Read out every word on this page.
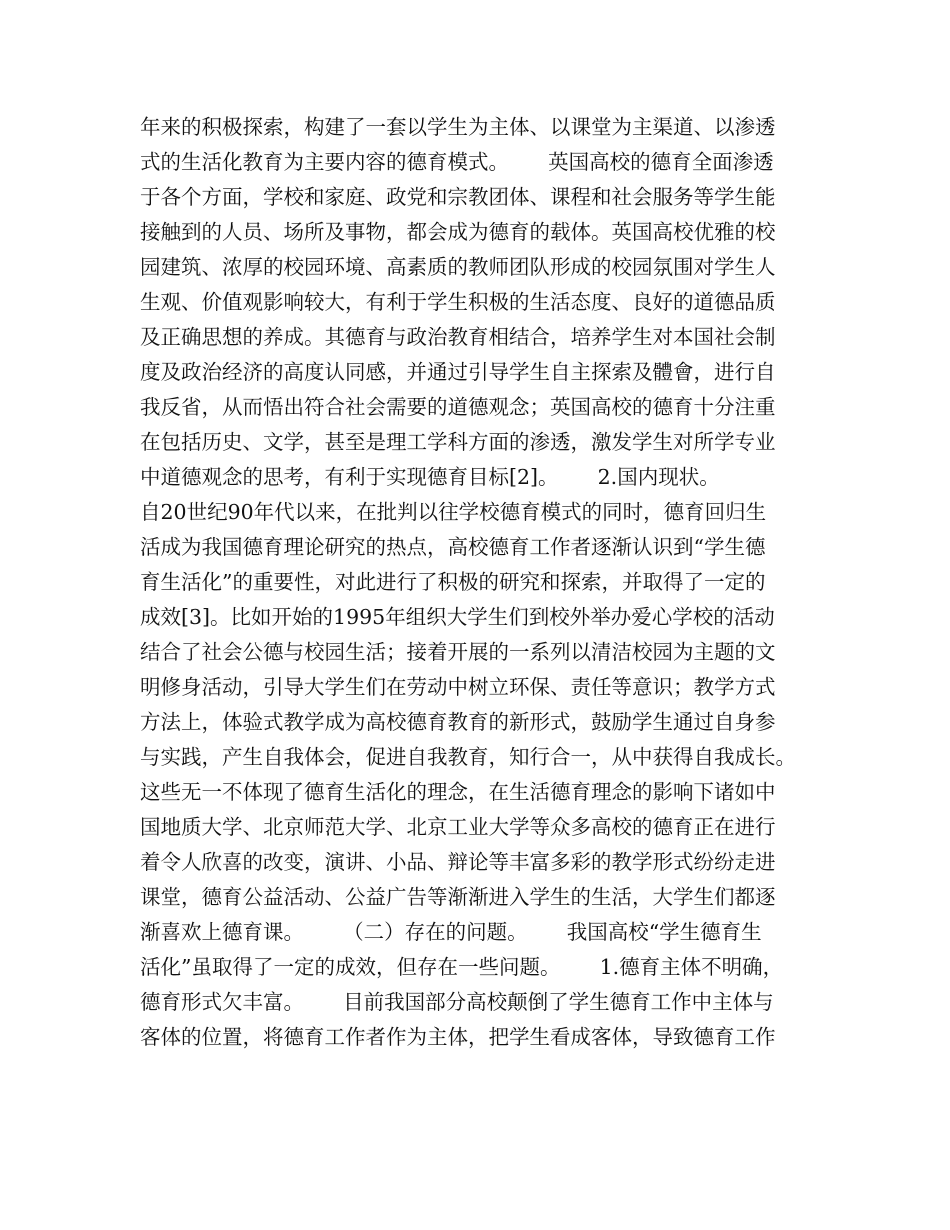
年来的积极探索，构建了一套以学生为主体、以课堂为主渠道、以渗透
式的生活化教育为主要内容的德育模式。      英国高校的德育全面渗透
于各个方面，学校和家庭、政党和宗教团体、课程和社会服务等学生能
接触到的人员、场所及事物，都会成为德育的载体。英国高校优雅的校
园建筑、浓厚的校园环境、高素质的教师团队形成的校园氛围对学生人
生观、价值观影响较大，有利于学生积极的生活态度、良好的道德品质
及正确思想的养成。其德育与政治教育相结合，培养学生对本国社会制
度及政治经济的高度认同感，并通过引导学生自主探索及體會，进行自
我反省，从而悟出符合社会需要的道德观念；英国高校的德育十分注重
在包括历史、文学，甚至是理工学科方面的渗透，激发学生对所学专业
中道德观念的思考，有利于实现德育目标[2]。      2.国内现状。
自20世纪90年代以来，在批判以往学校德育模式的同时，德育回归生
活成为我国德育理论研究的热点，高校德育工作者逐渐认识到“学生德
育生活化”的重要性，对此进行了积极的研究和探索，并取得了一定的
成效[3]。比如开始的1995年组织大学生们到校外举办爱心学校的活动
结合了社会公德与校园生活；接着开展的一系列以清洁校园为主题的文
明修身活动，引导大学生们在劳动中树立环保、责任等意识；教学方式
方法上，体验式教学成为高校德育教育的新形式，鼓励学生通过自身参
与实践，产生自我体会，促进自我教育，知行合一，从中获得自我成长。
这些无一不体现了德育生活化的理念，在生活德育理念的影响下诸如中
国地质大学、北京师范大学、北京工业大学等众多高校的德育正在进行
着令人欣喜的改变，演讲、小品、辩论等丰富多彩的教学形式纷纷走进
课堂，德育公益活动、公益广告等渐渐进入学生的生活，大学生们都逐
渐喜欢上德育课。      （二）存在的问题。      我国高校“学生德育生
活化”虽取得了一定的成效，但存在一些问题。      1.德育主体不明确，
德育形式欠丰富。      目前我国部分高校颠倒了学生德育工作中主体与
客体的位置，将德育工作者作为主体，把学生看成客体，导致德育工作
